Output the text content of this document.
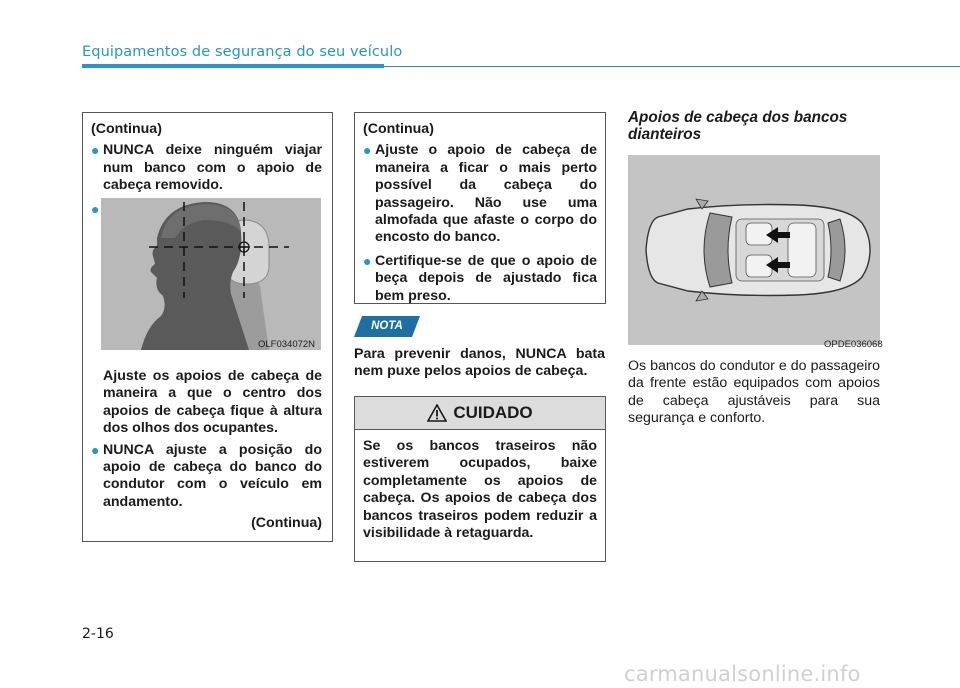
Equipamentos de segurança do seu veículo
(Continua)
● NUNCA deixe ninguém viajar num banco com o apoio de cabeça removido.
●
Ajuste os apoios de cabeça de maneira a que o centro dos apoios de cabeça fique à altura dos olhos dos ocupantes.
● NUNCA ajuste a posição do apoio de cabeça do banco do condutor com o veículo em andamento.
(Continua)
OLF034072N
(Continua)
● Ajuste o apoio de cabeça de maneira a ficar o mais perto possível da cabeça do passageiro. Não use uma almofada que afaste o corpo do encosto do banco.
● Certifique-se de que o apoio de beça depois de ajustado fica bem preso.
NOTA
Para prevenir danos, NUNCA bata nem puxe pelos apoios de cabeça.
CUIDADO
Se os bancos traseiros não estiverem ocupados, baixe completamente os apoios de cabeça. Os apoios de cabeça dos bancos traseiros podem reduzir a visibilidade à retaguarda.
Apoios de cabeça dos bancos dianteiros
OPDE036068
Os bancos do condutor e do passageiro da frente estão equipados com apoios de cabeça ajustáveis para sua segurança e conforto.
2-16
carmanualsonline.info
